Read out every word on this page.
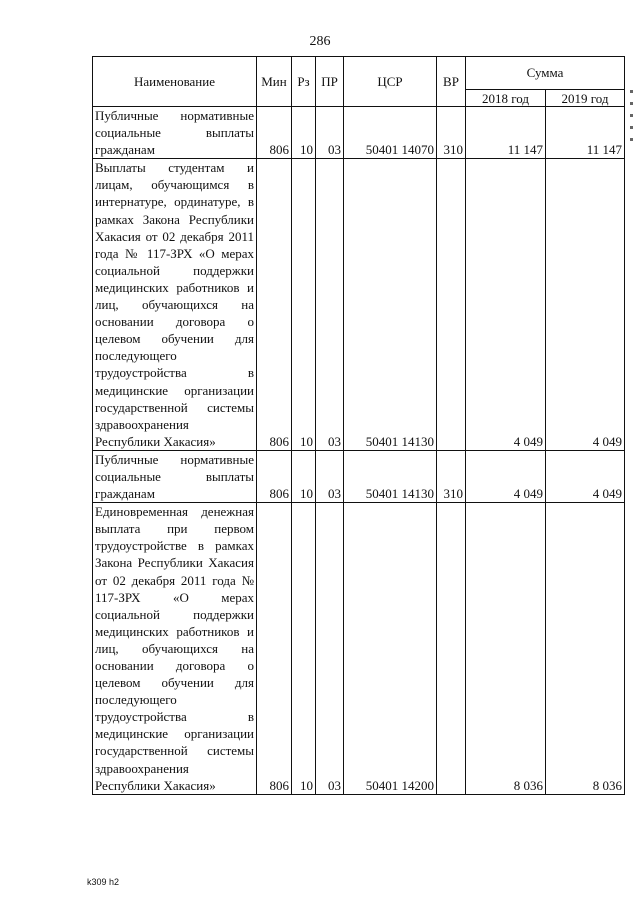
286
Наименование	Мин	Рз	ПР	ЦСР	ВР	Сумма	
						2018 год	2019 год
Публичные нормативные социальные выплаты гражданам	806	10	03	50401 14070	310	11 147	11 147
Выплаты студентам и лицам, обучающимся в интернатуре, ординатуре, в рамках Закона Республики Хакасия от 02 декабря 2011 года № 117-ЗРХ «О мерах социальной поддержки медицинских работников и лиц, обучающихся на основании договора о целевом обучении для последующего трудоустройства в медицинские организации государственной системы здравоохранения Республики Хакасия»	806	10	03	50401 14130		4 049	4 049
Публичные нормативные социальные выплаты гражданам	806	10	03	50401 14130	310	4 049	4 049
Единовременная денежная выплата при первом трудоустройстве в рамках Закона Республики Хакасия от 02 декабря 2011 года № 117-ЗРХ «О мерах социальной поддержки медицинских работников и лиц, обучающихся на основании договора о целевом обучении для последующего трудоустройства в медицинские организации государственной системы здравоохранения Республики Хакасия»	806	10	03	50401 14200		8 036	8 036
k309 h2
